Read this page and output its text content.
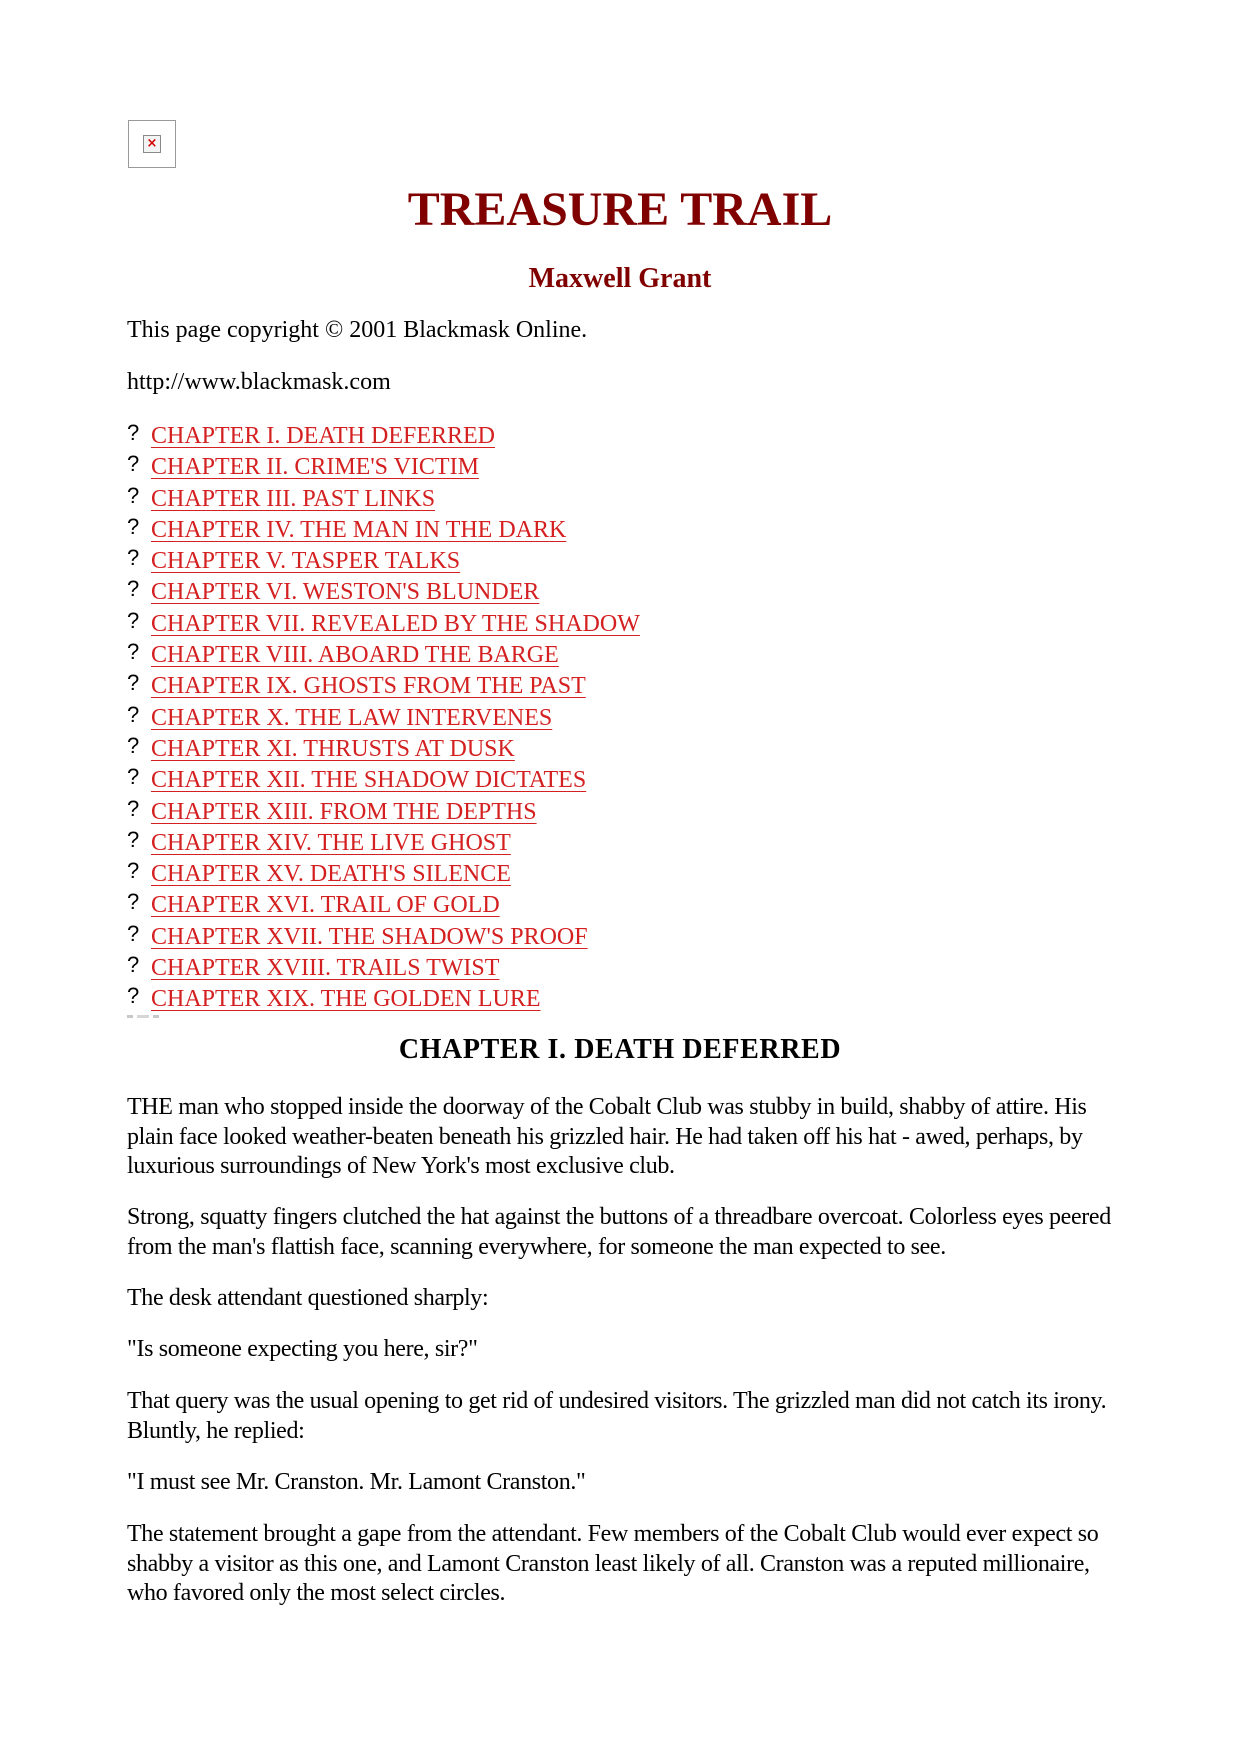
×
TREASURE TRAIL
Maxwell Grant

This page copyright © 2001 Blackmask Online.

http://www.blackmask.com

? CHAPTER I. DEATH DEFERRED
? CHAPTER II. CRIME'S VICTIM
? CHAPTER III. PAST LINKS
? CHAPTER IV. THE MAN IN THE DARK
? CHAPTER V. TASPER TALKS
? CHAPTER VI. WESTON'S BLUNDER
? CHAPTER VII. REVEALED BY THE SHADOW
? CHAPTER VIII. ABOARD THE BARGE
? CHAPTER IX. GHOSTS FROM THE PAST
? CHAPTER X. THE LAW INTERVENES
? CHAPTER XI. THRUSTS AT DUSK
? CHAPTER XII. THE SHADOW DICTATES
? CHAPTER XIII. FROM THE DEPTHS
? CHAPTER XIV. THE LIVE GHOST
? CHAPTER XV. DEATH'S SILENCE
? CHAPTER XVI. TRAIL OF GOLD
? CHAPTER XVII. THE SHADOW'S PROOF
? CHAPTER XVIII. TRAILS TWIST
? CHAPTER XIX. THE GOLDEN LURE
CHAPTER I. DEATH DEFERRED

THE man who stopped inside the doorway of the Cobalt Club was stubby in build, shabby of attire. His plain face looked weather-beaten beneath his grizzled hair. He had taken off his hat - awed, perhaps, by luxurious surroundings of New York's most exclusive club.

Strong, squatty fingers clutched the hat against the buttons of a threadbare overcoat. Colorless eyes peered from the man's flattish face, scanning everywhere, for someone the man expected to see.

The desk attendant questioned sharply:

"Is someone expecting you here, sir?"

That query was the usual opening to get rid of undesired visitors. The grizzled man did not catch its irony. Bluntly, he replied:

"I must see Mr. Cranston. Mr. Lamont Cranston."

The statement brought a gape from the attendant. Few members of the Cobalt Club would ever expect so shabby a visitor as this one, and Lamont Cranston least likely of all. Cranston was a reputed millionaire, who favored only the most select circles.
